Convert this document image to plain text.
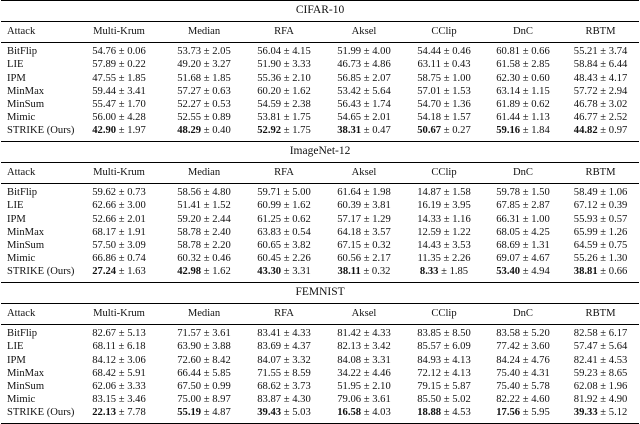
CIFAR-10							
Attack	Multi-Krum	Median	RFA	Aksel	CClip	DnC	RBTM
BitFlip	54.76 ± 0.06	53.73 ± 2.05	56.04 ± 4.15	51.99 ± 4.00	54.44 ± 0.46	60.81 ± 0.66	55.21 ± 3.74
LIE	57.89 ± 0.22	49.20 ± 3.27	51.90 ± 3.33	46.73 ± 4.86	63.11 ± 0.43	61.58 ± 2.85	58.84 ± 6.44
IPM	47.55 ± 1.85	51.68 ± 1.85	55.36 ± 2.10	56.85 ± 2.07	58.75 ± 1.00	62.30 ± 0.60	48.43 ± 4.17
MinMax	59.44 ± 3.41	57.27 ± 0.63	60.20 ± 1.62	53.42 ± 5.64	57.01 ± 1.53	63.14 ± 1.15	57.72 ± 2.94
MinSum	55.47 ± 1.70	52.27 ± 0.53	54.59 ± 2.38	56.43 ± 1.74	54.70 ± 1.36	61.89 ± 0.62	46.78 ± 3.02
Mimic	56.00 ± 4.28	52.55 ± 0.89	53.81 ± 1.75	54.65 ± 2.01	54.18 ± 1.57	61.44 ± 1.13	46.77 ± 2.52
STRIKE (Ours)	42.90 ± 1.97	48.29 ± 0.40	52.92 ± 1.75	38.31 ± 0.47	50.67 ± 0.27	59.16 ± 1.84	44.82 ± 0.97
ImageNet-12							
Attack	Multi-Krum	Median	RFA	Aksel	CClip	DnC	RBTM
BitFlip	59.62 ± 0.73	58.56 ± 4.80	59.71 ± 5.00	61.64 ± 1.98	14.87 ± 1.58	59.78 ± 1.50	58.49 ± 1.06
LIE	62.66 ± 3.00	51.41 ± 1.52	60.99 ± 1.62	60.39 ± 3.81	16.19 ± 3.95	67.85 ± 2.87	67.12 ± 0.39
IPM	52.66 ± 2.01	59.20 ± 2.44	61.25 ± 0.62	57.17 ± 1.29	14.33 ± 1.16	66.31 ± 1.00	55.93 ± 0.57
MinMax	68.17 ± 1.91	58.78 ± 2.40	63.83 ± 0.54	64.18 ± 3.57	12.59 ± 1.22	68.05 ± 4.25	65.99 ± 1.26
MinSum	57.50 ± 3.09	58.78 ± 2.20	60.65 ± 3.82	67.15 ± 0.32	14.43 ± 3.53	68.69 ± 1.31	64.59 ± 0.75
Mimic	66.86 ± 0.74	60.32 ± 0.46	60.45 ± 2.26	60.56 ± 2.17	11.35 ± 2.26	69.07 ± 4.67	55.26 ± 1.30
STRIKE (Ours)	27.24 ± 1.63	42.98 ± 1.62	43.30 ± 3.31	38.11 ± 0.32	8.33 ± 1.85	53.40 ± 4.94	38.81 ± 0.66
FEMNIST							
Attack	Multi-Krum	Median	RFA	Aksel	CClip	DnC	RBTM
BitFlip	82.67 ± 5.13	71.57 ± 3.61	83.41 ± 4.33	81.42 ± 4.33	83.85 ± 8.50	83.58 ± 5.20	82.58 ± 6.17
LIE	68.11 ± 6.18	63.90 ± 3.88	83.69 ± 4.37	82.13 ± 3.42	85.57 ± 6.09	77.42 ± 3.60	57.47 ± 5.64
IPM	84.12 ± 3.06	72.60 ± 8.42	84.07 ± 3.32	84.08 ± 3.31	84.93 ± 4.13	84.24 ± 4.76	82.41 ± 4.53
MinMax	68.42 ± 5.91	66.44 ± 5.85	71.55 ± 8.59	34.22 ± 4.46	72.12 ± 4.13	75.40 ± 4.31	59.23 ± 8.65
MinSum	62.06 ± 3.33	67.50 ± 0.99	68.62 ± 3.73	51.95 ± 2.10	79.15 ± 5.87	75.40 ± 5.78	62.08 ± 1.96
Mimic	83.15 ± 3.46	75.00 ± 8.97	83.87 ± 4.30	79.06 ± 3.61	85.50 ± 5.02	82.22 ± 4.60	81.92 ± 4.90
STRIKE (Ours)	22.13 ± 7.78	55.19 ± 4.87	39.43 ± 5.03	16.58 ± 4.03	18.88 ± 4.53	17.56 ± 5.95	39.33 ± 5.12
